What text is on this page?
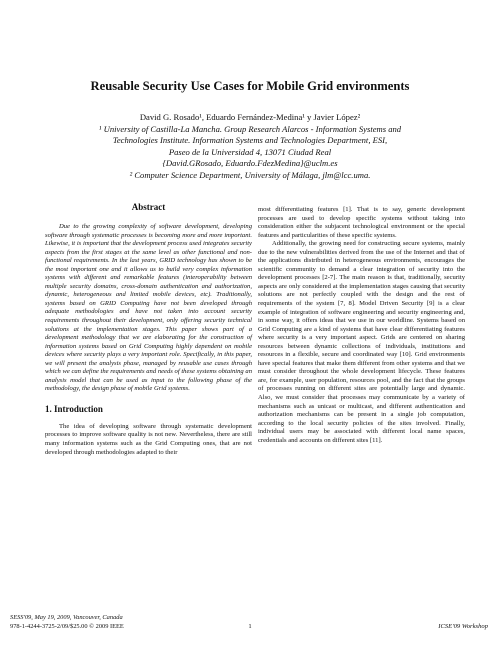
Reusable Security Use Cases for Mobile Grid environments
David G. Rosado¹, Eduardo Fernández-Medina¹ y Javier López²
¹ University of Castilla-La Mancha. Group Research Alarcos - Information Systems and
Technologies Institute. Information Systems and Technologies Department, ESI,
Paseo de la Universidad 4, 13071 Ciudad Real
{David.GRosado, Eduardo.FdezMedina}@uclm.es
² Computer Science Department, University of Málaga, jlm@lcc.uma.
Abstract

Due to the growing complexity of software development, developing software through systematic processes is becoming more and more important. Likewise, it is important that the development process used integrates security aspects from the first stages at the same level as other functional and non-functional requirements. In the last years, GRID technology has shown to be the most important one and it allows us to build very complex information systems with different and remarkable features (interoperability between multiple security domains, cross-domain authentication and authorization, dynamic, heterogeneous and limited mobile devices, etc). Traditionally, systems based on GRID Computing have not been developed through adequate methodologies and have not taken into account security requirements throughout their development, only offering security technical solutions at the implementation stages. This paper shows part of a development methodology that we are elaborating for the construction of information systems based on Grid Computing highly dependent on mobile devices where security plays a very important role. Specifically, in this paper, we will present the analysis phase, managed by reusable use cases through which we can define the requirements and needs of these systems obtaining an analysis model that can be used as input to the following phase of the methodology, the design phase of mobile Grid systems.

1. Introduction

The idea of developing software through systematic development processes to improve software quality is not new. Nevertheless, there are still many information systems such as the Grid Computing ones, that are not developed through methodologies adapted to their

most differentiating features [1]. That is to say, generic development processes are used to develop specific systems without taking into consideration either the subjacent technological environment or the special features and particularities of these specific systems.

Additionally, the growing need for constructing secure systems, mainly due to the new vulnerabilities derived from the use of the Internet and that of the applications distributed in heterogeneous environments, encourages the scientific community to demand a clear integration of security into the development processes [2-7]. The main reason is that, traditionally, security aspects are only considered at the implementation stages causing that security solutions are not perfectly coupled with the design and the rest of requirements of the system [7, 8]. Model Driven Security [9] is a clear example of integration of software engineering and security engineering and, in some way, it offers ideas that we use in our worldline. Systems based on Grid Computing are a kind of systems that have clear differentiating features where security is a very important aspect. Grids are centered on sharing resources between dynamic collections of individuals, institutions and resources in a flexible, secure and coordinated way [10]. Grid environments have special features that make them different from other systems and that we must consider throughout the whole development lifecycle. These features are, for example, user population, resources pool, and the fact that the groups of processes running on different sites are potentially large and dynamic. Also, we must consider that processes may communicate by a variety of mechanisms such as unicast or multicast, and different authentication and authorization mechanisms can be present in a single job computation, according to the local security policies of the sites involved. Finally, individual users may be associated with different local name spaces, credentials and accounts on different sites [11].

SESS'09, May 19, 2009, Vancouver, Canada
978-1-4244-3725-2/09/$25.00 © 2009 IEEE	1	ICSE'09 Workshop
